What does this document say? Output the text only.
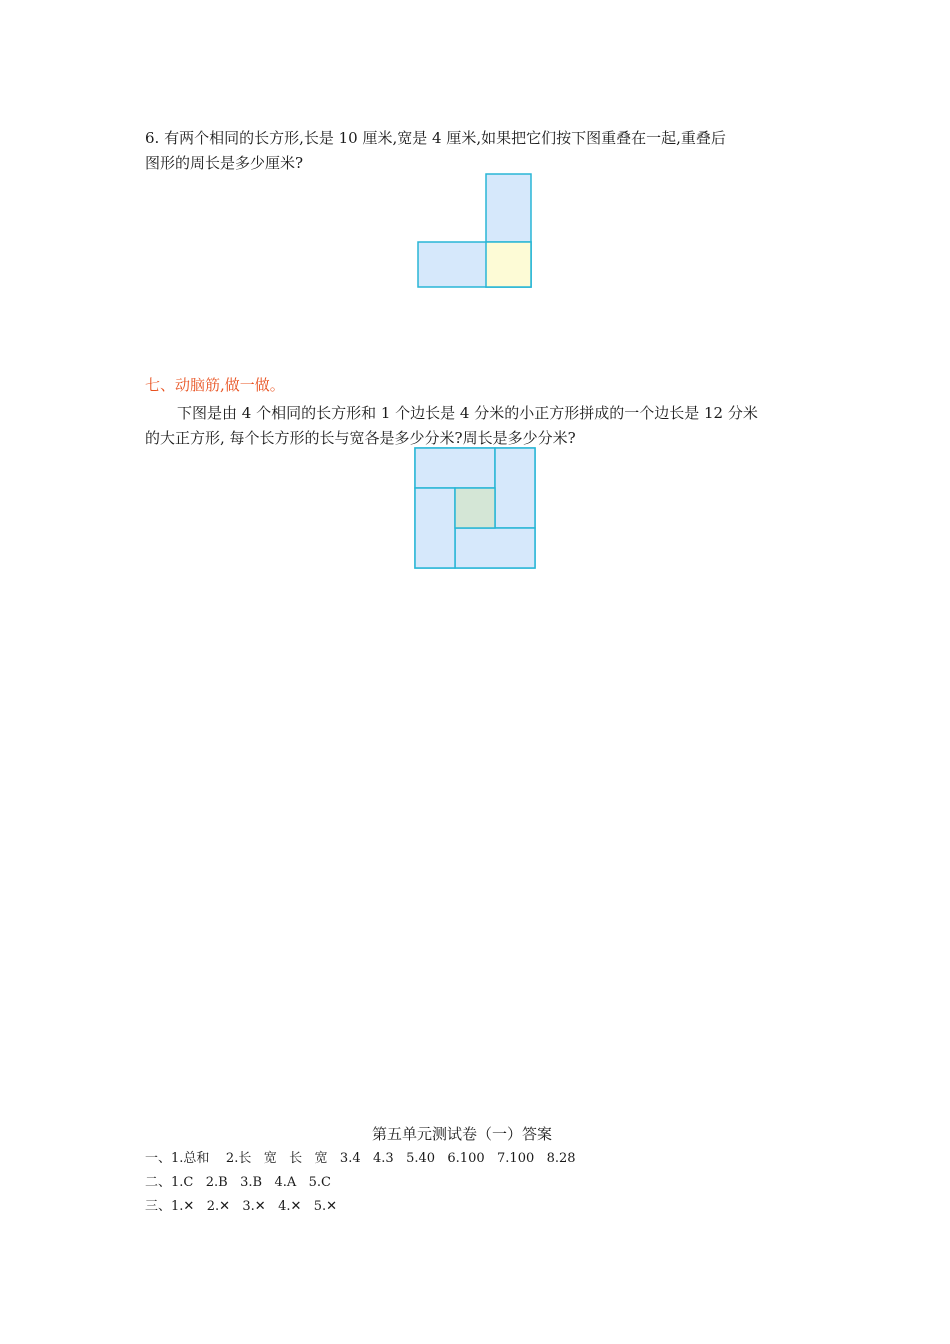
6. 有两个相同的长方形,长是 10 厘米,宽是 4 厘米,如果把它们按下图重叠在一起,重叠后
图形的周长是多少厘米?
七、动脑筋,做一做。
下图是由 4 个相同的长方形和 1 个边长是 4 分米的小正方形拼成的一个边长是 12 分米
的大正方形, 每个长方形的长与宽各是多少分米?周长是多少分米?
第五单元测试卷（一）答案
一、1.总和    2.长   宽   长   宽   3.4   4.3   5.40   6.100   7.100   8.28
二、1.C   2.B   3.B   4.A   5.C
三、1.✕   2.✕   3.✕   4.✕   5.✕
